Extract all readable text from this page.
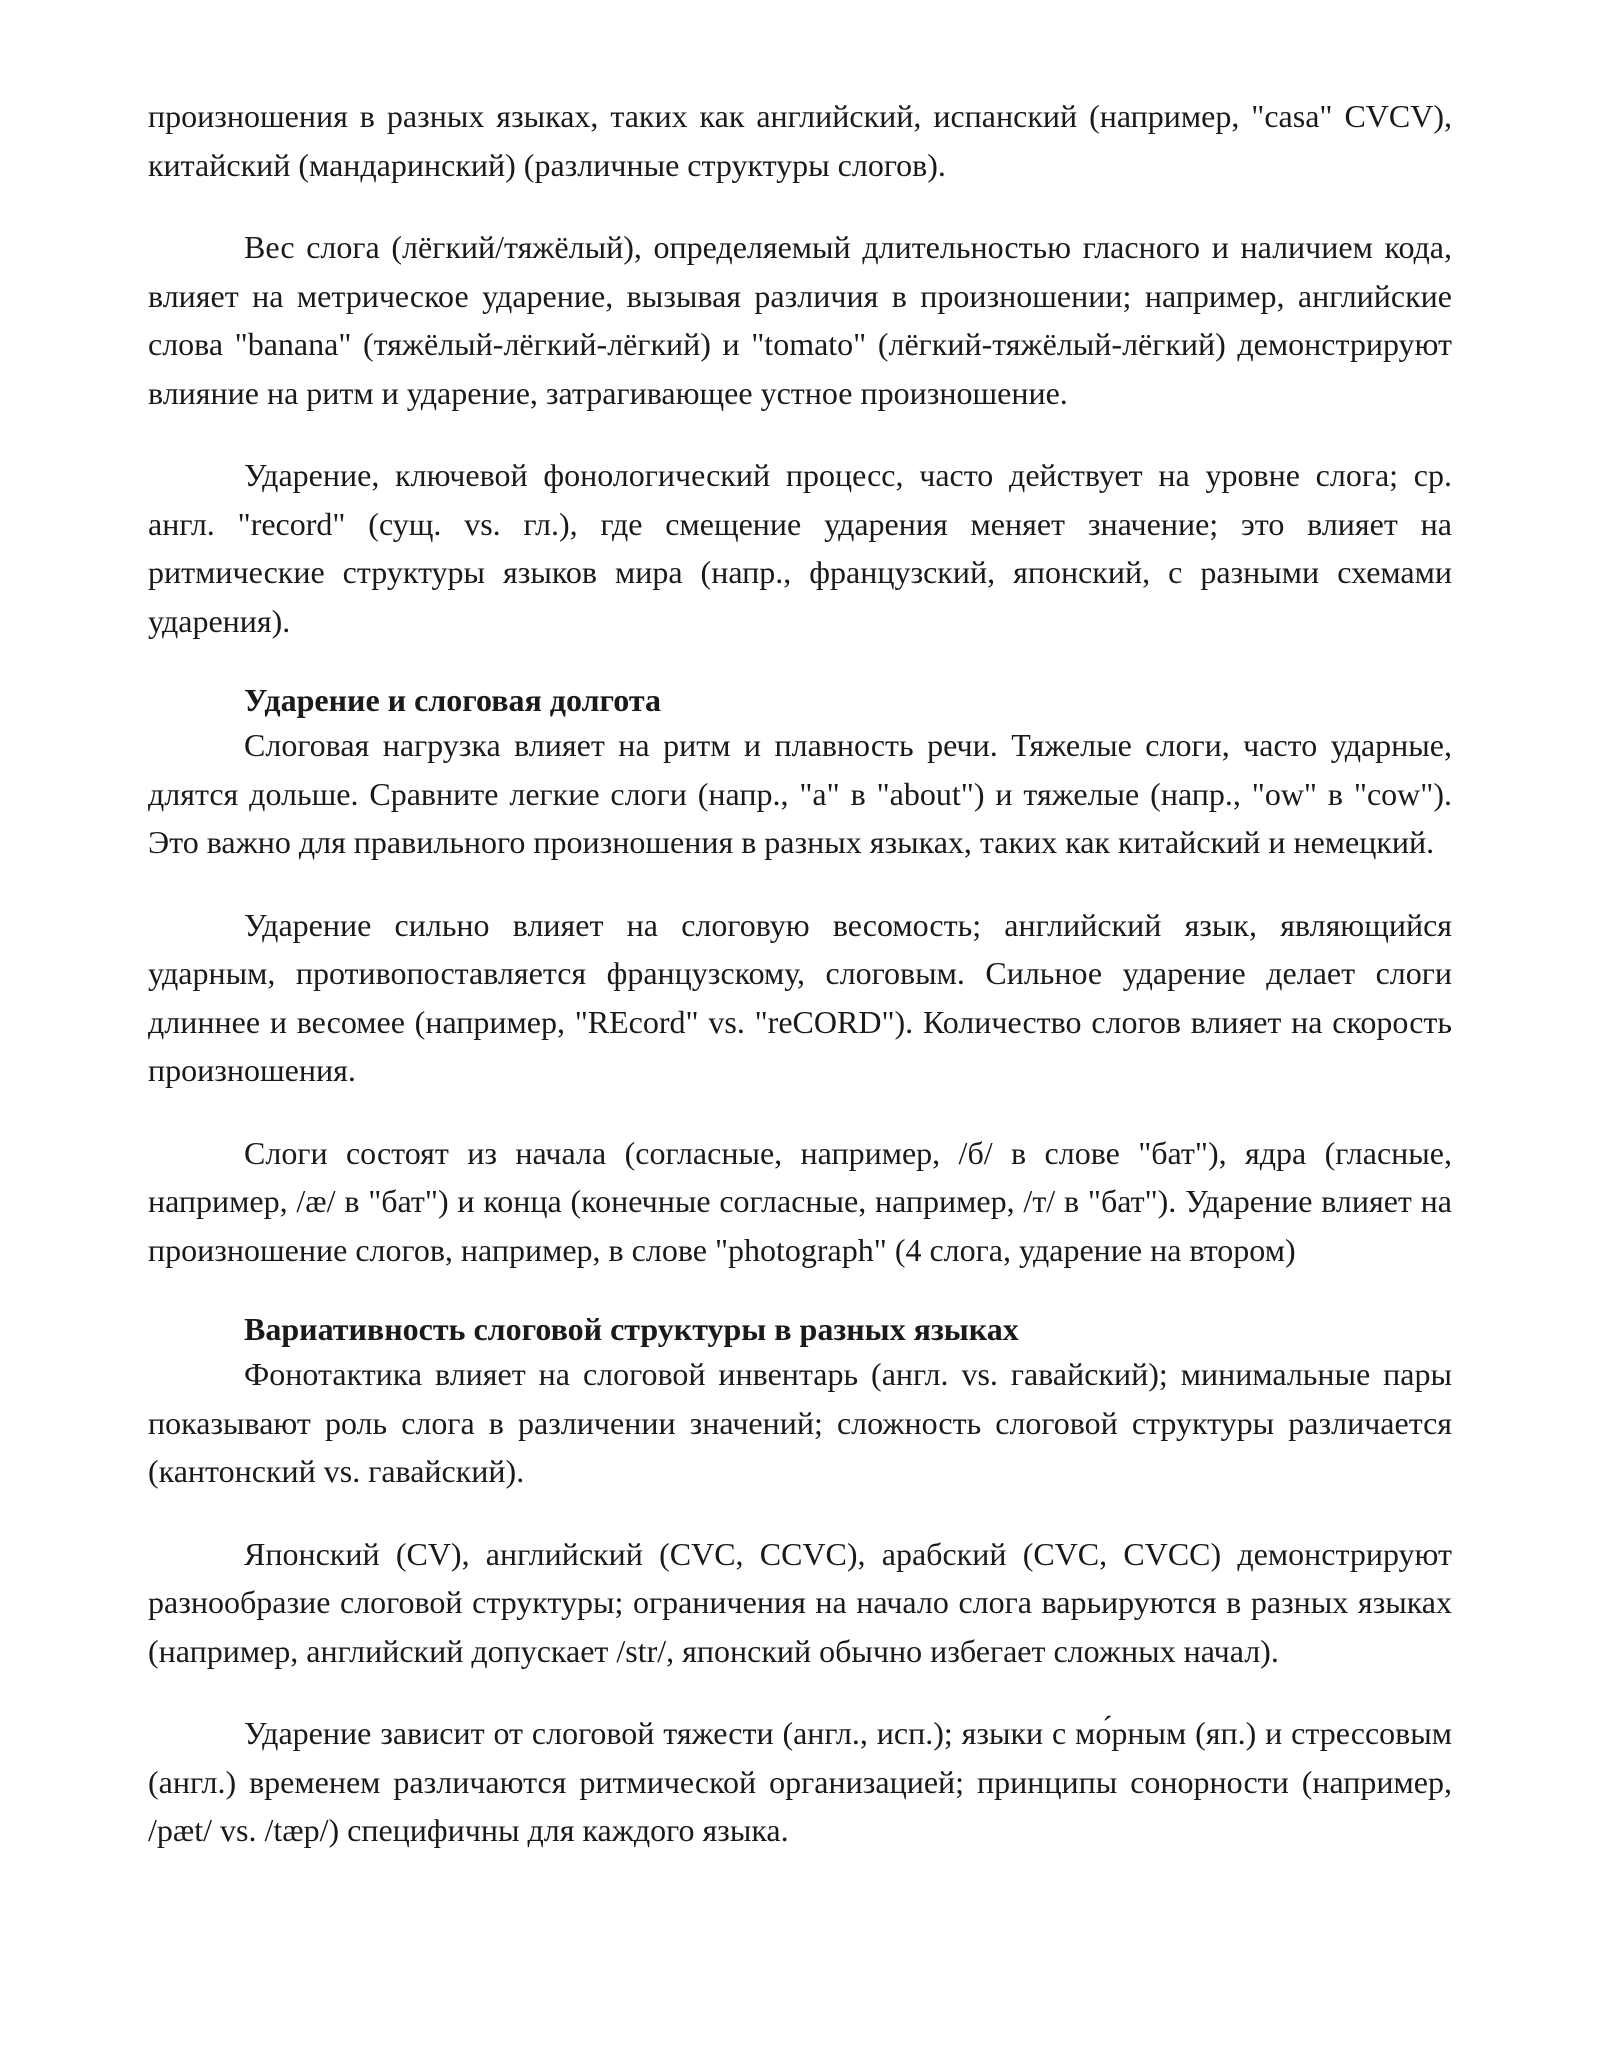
произношения в разных языках, таких как английский, испанский (например, "casa" CVCV), китайский (мандаринский) (различные структуры слогов).

Вес слога (лёгкий/тяжёлый), определяемый длительностью гласного и наличием кода, влияет на метрическое ударение, вызывая различия в произношении; например, английские слова "banana" (тяжёлый-лёгкий-лёгкий) и "tomato" (лёгкий-тяжёлый-лёгкий) демонстрируют влияние на ритм и ударение, затрагивающее устное произношение.

Ударение, ключевой фонологический процесс, часто действует на уровне слога; ср. англ. "record" (сущ. vs. гл.), где смещение ударения меняет значение; это влияет на ритмические структуры языков мира (напр., французский, японский, с разными схемами ударения).

Ударение и слоговая долгота

Слоговая нагрузка влияет на ритм и плавность речи. Тяжелые слоги, часто ударные, длятся дольше. Сравните легкие слоги (напр., "a" в "about") и тяжелые (напр., "ow" в "cow"). Это важно для правильного произношения в разных языках, таких как китайский и немецкий.

Ударение сильно влияет на слоговую весомость; английский язык, являющийся ударным, противопоставляется французскому, слоговым. Сильное ударение делает слоги длиннее и весомее (например, "REcord" vs. "reCORD"). Количество слогов влияет на скорость произношения.

Слоги состоят из начала (согласные, например, /б/ в слове "бат"), ядра (гласные, например, /æ/ в "бат") и конца (конечные согласные, например, /т/ в "бат"). Ударение влияет на произношение слогов, например, в слове "photograph" (4 слога, ударение на втором)

Вариативность слоговой структуры в разных языках

Фонотактика влияет на слоговой инвентарь (англ. vs. гавайский); минимальные пары показывают роль слога в различении значений; сложность слоговой структуры различается (кантонский vs. гавайский).

Японский (CV), английский (CVC, CCVC), арабский (CVC, CVCC) демонстрируют разнообразие слоговой структуры; ограничения на начало слога варьируются в разных языках (например, английский допускает /str/, японский обычно избегает сложных начал).

Ударение зависит от слоговой тяжести (англ., исп.); языки с мо́рным (яп.) и стрессовым (англ.) временем различаются ритмической организацией; принципы сонорности (например, /pæt/ vs. /tæp/) специфичны для каждого языка.
